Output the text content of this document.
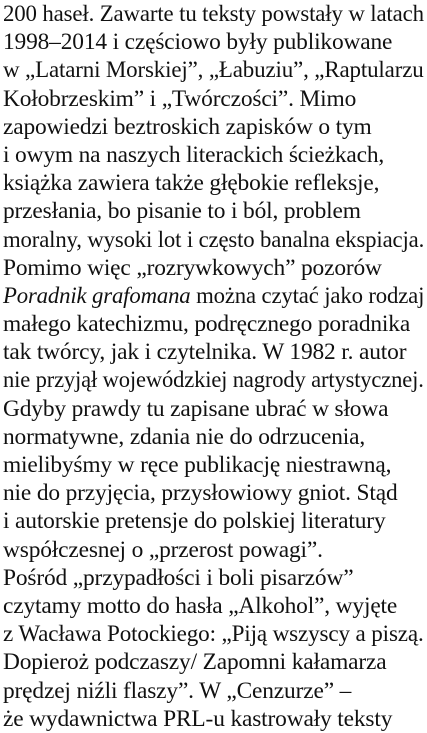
200 haseł. Zawarte tu teksty powstały w latach
1998–2014 i częściowo były publikowane
w „Latarni Morskiej”, „Łabuziu”, „Raptularzu
Kołobrzeskim” i „Twórczości”. Mimo
zapowiedzi beztroskich zapisków o tym
i owym na naszych literackich ścieżkach,
książka zawiera także głębokie refleksje,
przesłania, bo pisanie to i ból, problem
moralny, wysoki lot i często banalna ekspiacja.
Pomimo więc „rozrywkowych” pozorów
Poradnik grafomana można czytać jako rodzaj
małego katechizmu, podręcznego poradnika
tak twórcy, jak i czytelnika. W 1982 r. autor
nie przyjął wojewódzkiej nagrody artystycznej.
Gdyby prawdy tu zapisane ubrać w słowa
normatywne, zdania nie do odrzucenia,
mielibyśmy w ręce publikację niestrawną,
nie do przyjęcia, przysłowiowy gniot. Stąd
i autorskie pretensje do polskiej literatury
współczesnej o „przerost powagi”.
Pośród „przypadłości i boli pisarzów”
czytamy motto do hasła „Alkohol”, wyjęte
z Wacława Potockiego: „Piją wszyscy a piszą.
Dopieroż podczaszy/ Zapomni kałamarza
prędzej niźli flaszy”. W „Cenzurze” –
że wydawnictwa PRL-u kastrowały teksty
